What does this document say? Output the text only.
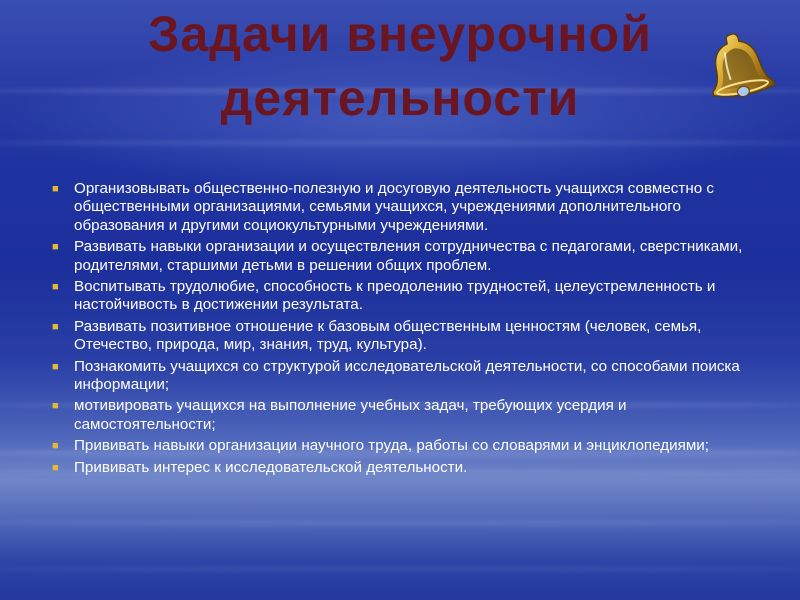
Задачи внеурочной
деятельности
■ Организовывать общественно-полезную и досуговую деятельность учащихся совместно с общественными организациями, семьями учащихся, учреждениями дополнительного образования и другими социокультурными учреждениями.
■ Развивать навыки организации и осуществления сотрудничества с педагогами, сверстниками, родителями, старшими детьми в решении общих проблем.
■ Воспитывать трудолюбие, способность к преодолению трудностей, целеустремленность и настойчивость в достижении результата.
■ Развивать позитивное отношение к базовым общественным ценностям (человек, семья, Отечество, природа, мир, знания, труд, культура).
■ Познакомить учащихся со структурой исследовательской деятельности, со способами поиска информации;
■ мотивировать учащихся на выполнение учебных задач, требующих усердия и самостоятельности;
■ Прививать навыки организации научного труда, работы со словарями и энциклопедиями;
■ Прививать интерес к исследовательской деятельности.
